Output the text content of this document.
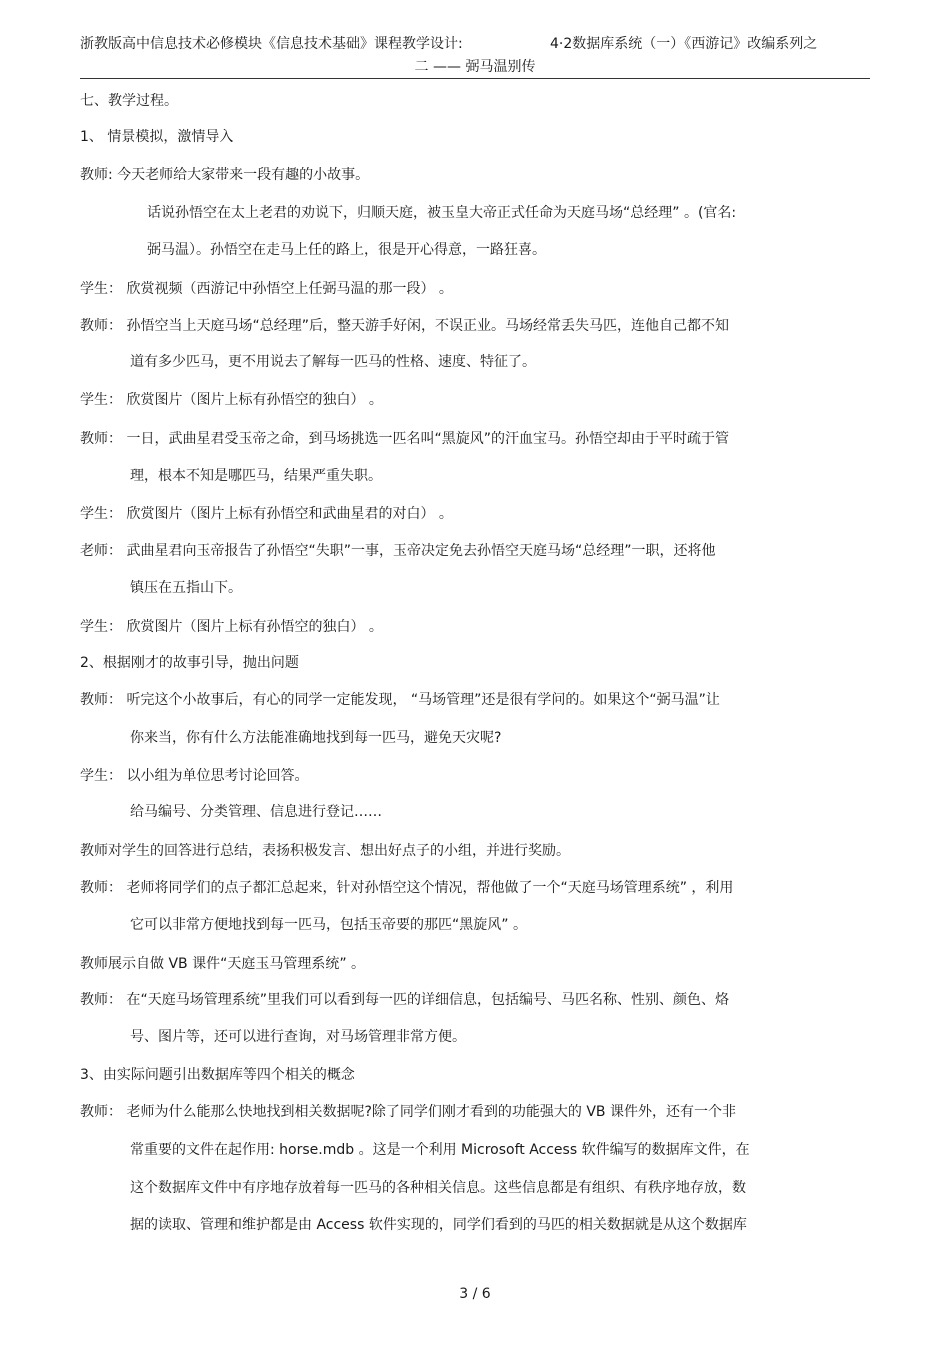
浙教版高中信息技术必修模块《信息技术基础》课程教学设计:	4·2数据库系统（一）《西游记》改编系列之
二 —— 弼马温别传
七、教学过程。
1、 情景模拟，激情导入
教师: 今天老师给大家带来一段有趣的小故事。
话说孙悟空在太上老君的劝说下，归顺天庭，被玉皇大帝正式任命为天庭马场“总经理” 。(官名:
弼马温）。孙悟空在走马上任的路上，很是开心得意，一路狂喜。
学生： 欣赏视频（西游记中孙悟空上任弼马温的那一段） 。
教师： 孙悟空当上天庭马场“总经理”后，整天游手好闲，不误正业。马场经常丢失马匹，连他自己都不知
道有多少匹马，更不用说去了解每一匹马的性格、速度、特征了。
学生： 欣赏图片（图片上标有孙悟空的独白） 。
教师： 一日，武曲星君受玉帝之命，到马场挑选一匹名叫“黑旋风”的汗血宝马。孙悟空却由于平时疏于管
理，根本不知是哪匹马，结果严重失职。
学生： 欣赏图片（图片上标有孙悟空和武曲星君的对白） 。
老师： 武曲星君向玉帝报告了孙悟空“失职”一事，玉帝决定免去孙悟空天庭马场“总经理”一职，还将他
镇压在五指山下。
学生： 欣赏图片（图片上标有孙悟空的独白） 。
2、根据刚才的故事引导，抛出问题
教师： 听完这个小故事后，有心的同学一定能发现， “马场管理”还是很有学问的。如果这个“弼马温”让
你来当，你有什么方法能准确地找到每一匹马，避免天灾呢?
学生： 以小组为单位思考讨论回答。
给马编号、分类管理、信息进行登记……
教师对学生的回答进行总结，表扬积极发言、想出好点子的小组，并进行奖励。
教师： 老师将同学们的点子都汇总起来，针对孙悟空这个情况，帮他做了一个“天庭马场管理系统” ，利用
它可以非常方便地找到每一匹马，包括玉帝要的那匹“黑旋风” 。
教师展示自做 VB 课件“天庭玉马管理系统” 。
教师： 在“天庭马场管理系统”里我们可以看到每一匹的详细信息，包括编号、马匹名称、性别、颜色、烙
号、图片等，还可以进行查询，对马场管理非常方便。
3、由实际问题引出数据库等四个相关的概念
教师： 老师为什么能那么快地找到相关数据呢?除了同学们刚才看到的功能强大的 VB 课件外，还有一个非
常重要的文件在起作用: horse.mdb 。这是一个利用 Microsoft Access 软件编写的数据库文件，在
这个数据库文件中有序地存放着每一匹马的各种相关信息。这些信息都是有组织、有秩序地存放，数
据的读取、管理和维护都是由 Access 软件实现的，同学们看到的马匹的相关数据就是从这个数据库
3 / 6
